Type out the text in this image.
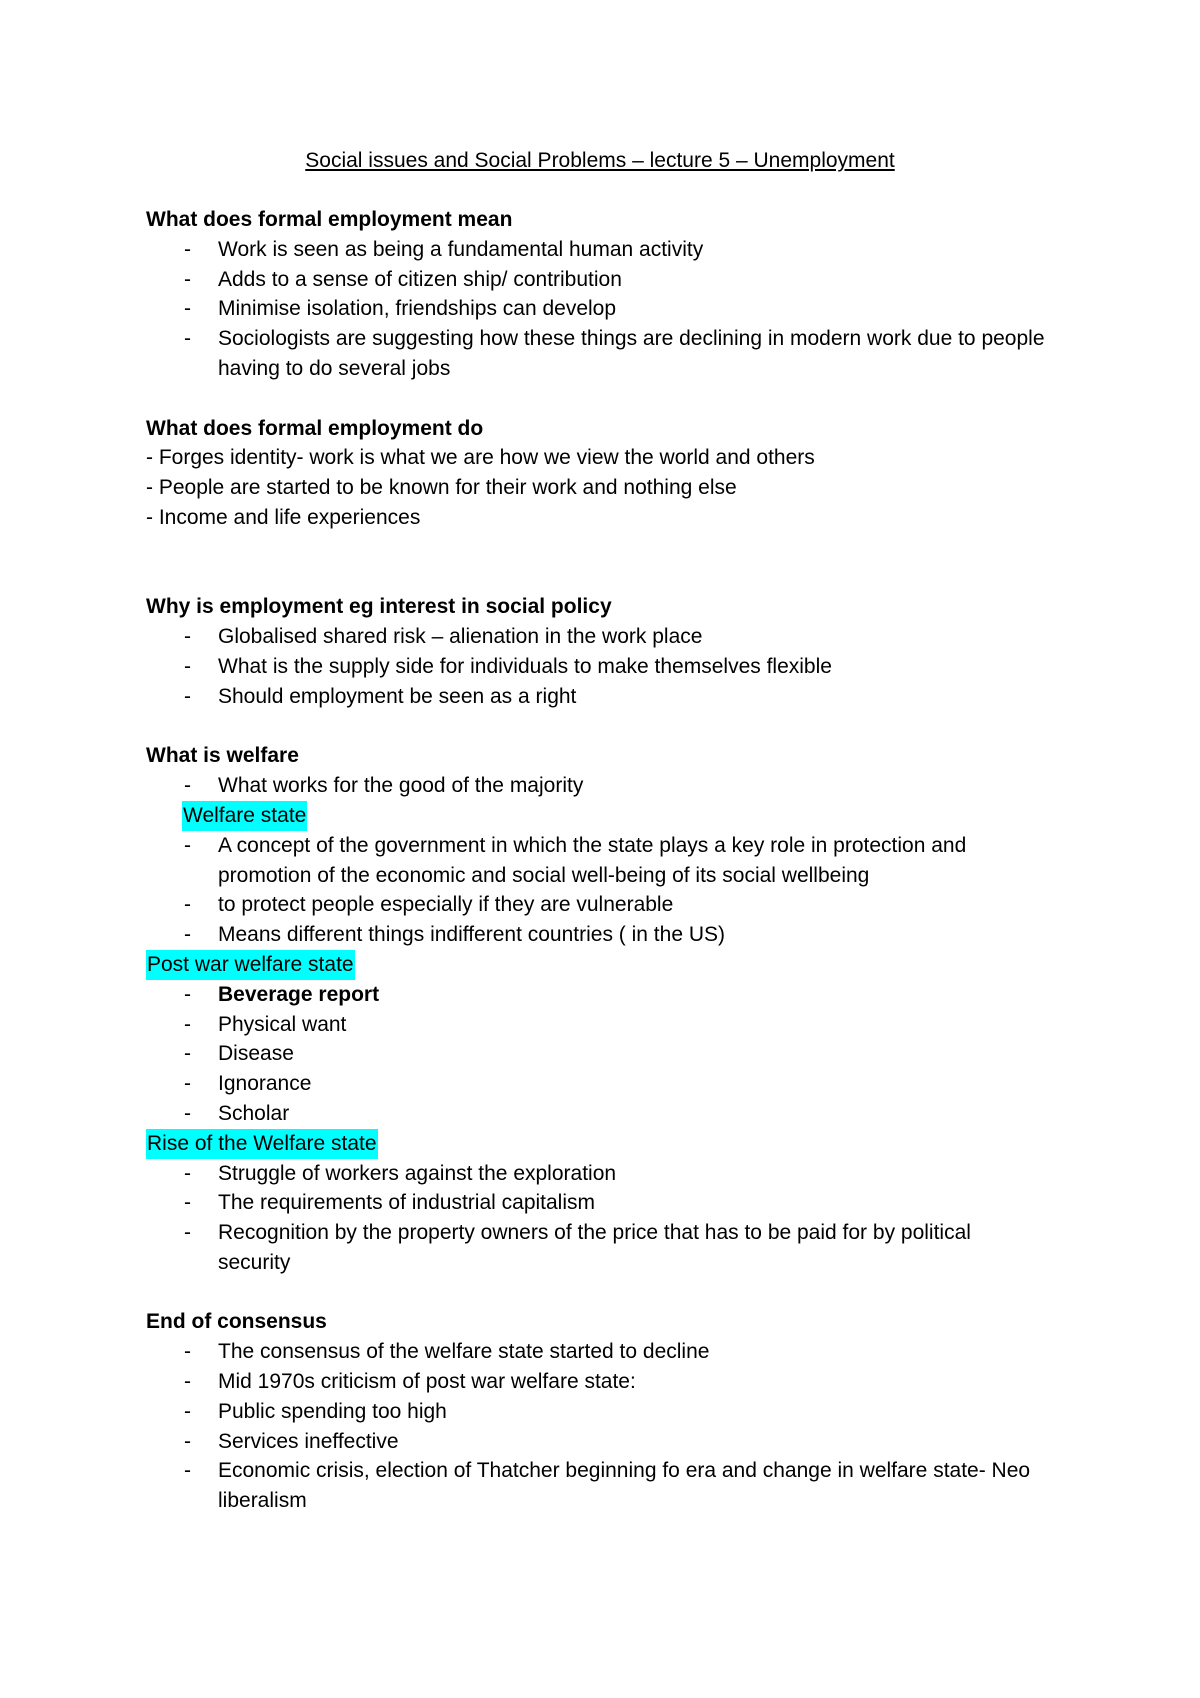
Social issues and Social Problems – lecture 5 – Unemployment
What does formal employment mean
-	Work is seen as being a fundamental human activity
-	Adds to a sense of citizen ship/ contribution
-	Minimise isolation, friendships can develop
-	Sociologists are suggesting how these things are declining in modern work due to people having to do several jobs
What does formal employment do
- Forges identity- work is what we are how we view the world and others
- People are started to be known for their work and nothing else
- Income and life experiences
Why is employment eg interest in social policy
-	Globalised shared risk – alienation in the work place
-	What is the supply side for individuals to make themselves flexible
-	Should employment be seen as a right
What is welfare
-	What works for the good of the majority
Welfare state
-	A concept of the government in which the state plays a key role in protection and promotion of the economic and social well-being of its social wellbeing
-	to protect people especially if they are vulnerable
-	Means different things indifferent countries ( in the US)
Post war welfare state
-	Beverage report
-	Physical want
-	Disease
-	Ignorance
-	Scholar
Rise of the Welfare state
-	Struggle of workers against the exploration
-	The requirements of industrial capitalism
-	Recognition by the property owners of the price that has to be paid for by political security
End of consensus
-	The consensus of the welfare state started to decline
-	Mid 1970s criticism of post war welfare state:
-	Public spending too high
-	Services ineffective
-	Economic crisis, election of Thatcher beginning fo era and change in welfare state- Neo liberalism
